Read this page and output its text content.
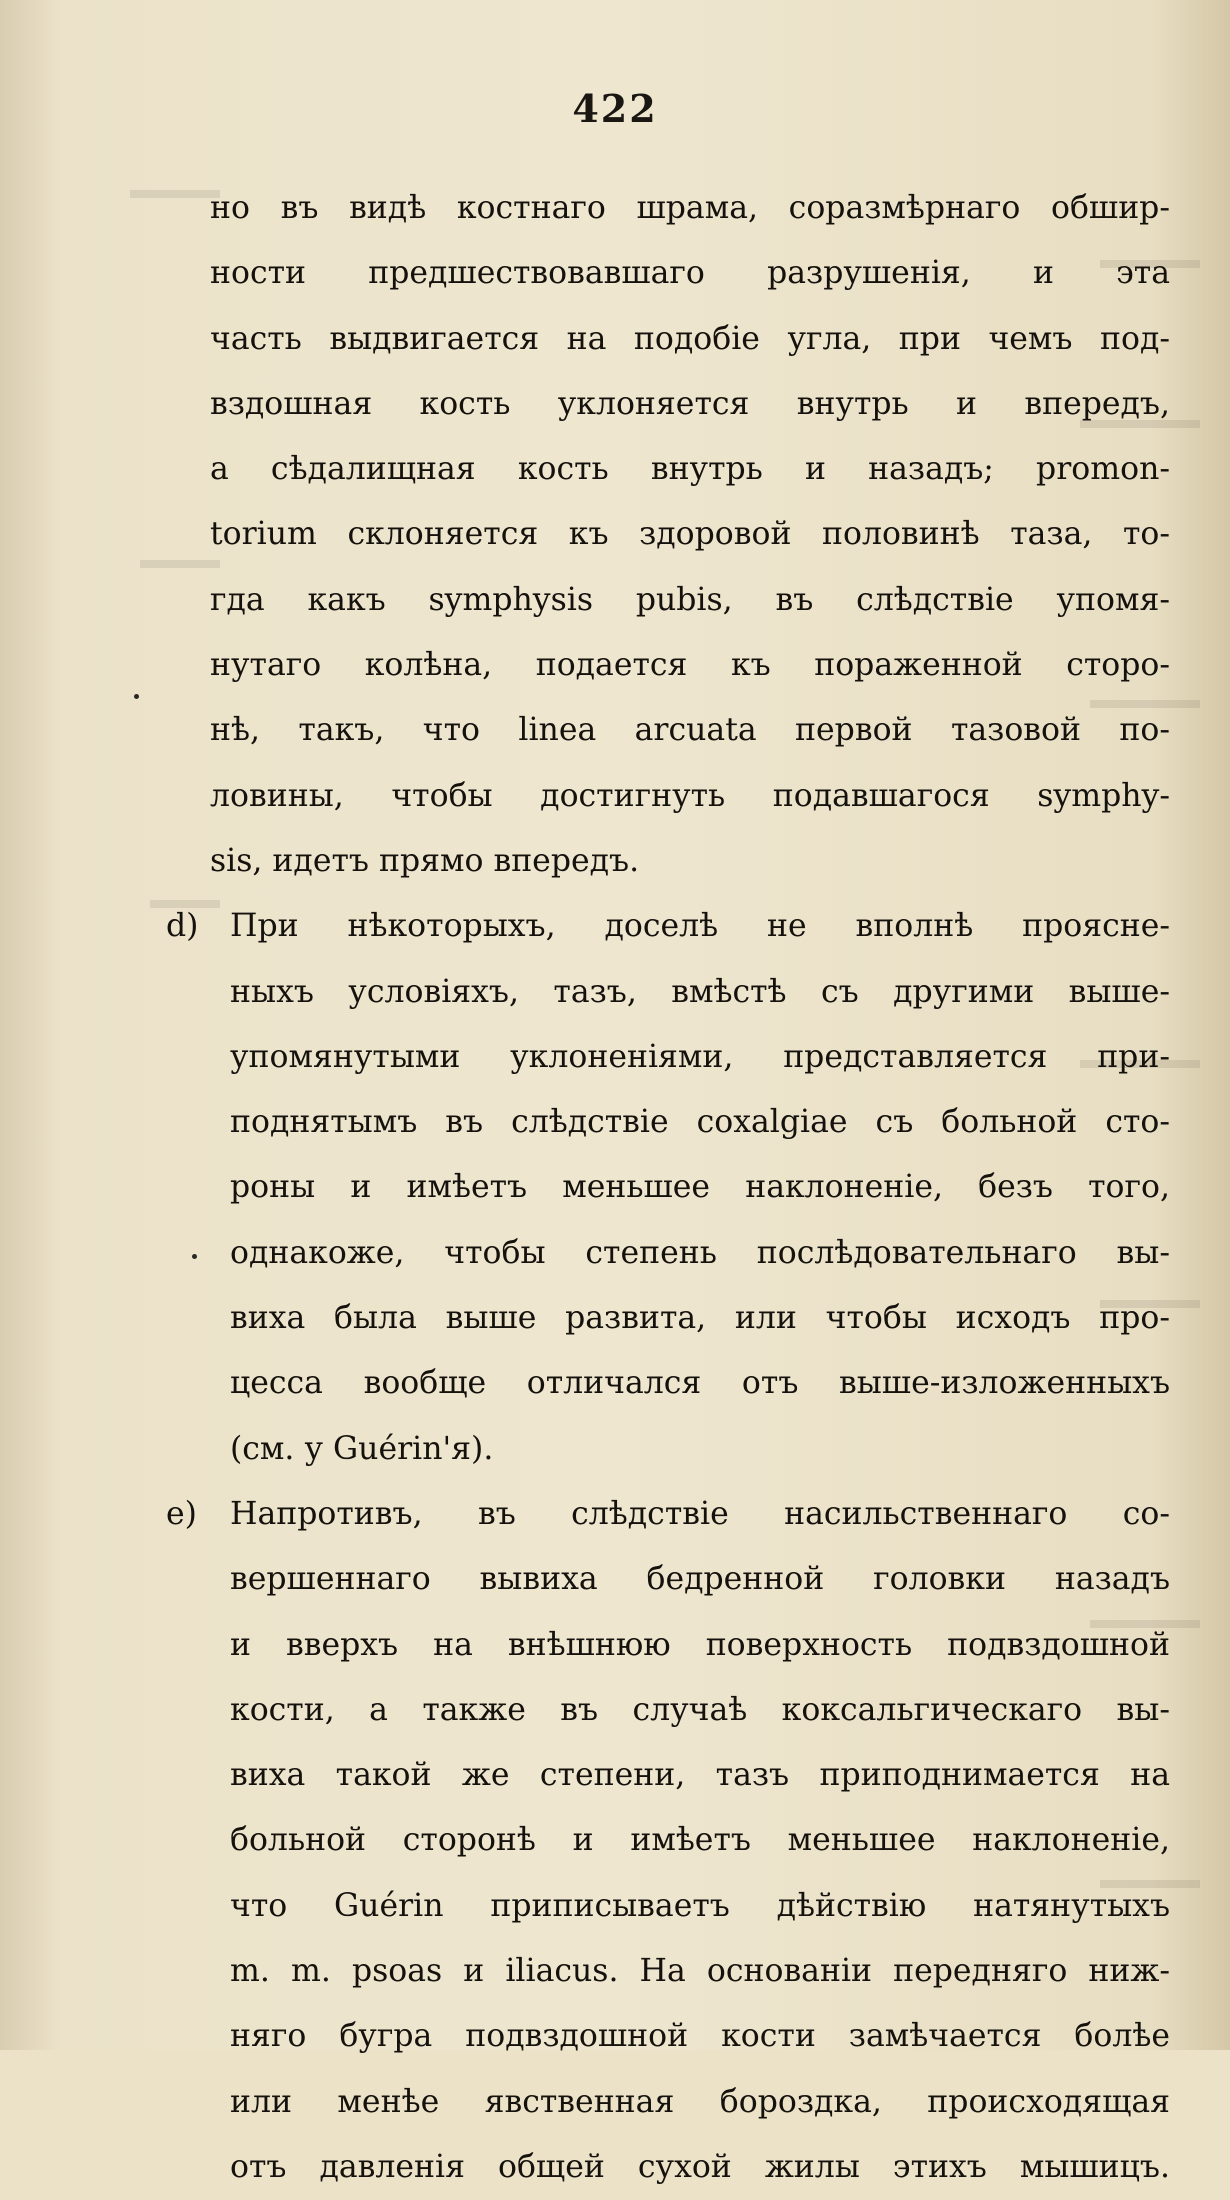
422
но въ видѣ костнаго шрама, соразмѣрнаго обшир-
ности предшествовавшаго разрушенія, и эта
часть выдвигается на подобіе угла, при чемъ под-
вздошная кость уклоняется внутрь и впередъ,
а сѣдалищная кость внутрь и назадъ; promon-
torium склоняется къ здоровой половинѣ таза, то-
гда какъ symphysis pubis, въ слѣдствіе упомя-
нутаго колѣна, подается къ пораженной сторо-
нѣ, такъ, что linea arcuata первой тазовой по-
ловины, чтобы достигнуть подавшагося symphy-
sis, идетъ прямо впередъ.
d) При нѣкоторыхъ, доселѣ не вполнѣ проясне-
ныхъ условіяхъ, тазъ, вмѣстѣ съ другими выше-
упомянутыми уклоненіями, представляется при-
поднятымъ въ слѣдствіе coxalgiae съ больной сто-
роны и имѣетъ меньшее наклоненіе, безъ того,
однакоже, чтобы степень послѣдовательнаго вы-
виха была выше развита, или чтобы исходъ про-
цесса вообще отличался отъ выше-изложенныхъ
(см. у Guérin'я).
e) Напротивъ, въ слѣдствіе насильственнаго со-
вершеннаго вывиха бедренной головки назадъ
и вверхъ на внѣшнюю поверхность подвздошной
кости, а также въ случаѣ коксальгическаго вы-
виха такой же степени, тазъ приподнимается на
больной сторонѣ и имѣетъ меньшее наклоненіе,
что Guérin приписываетъ дѣйствію натянутыхъ
m. m. psoas и iliacus. На основаніи передняго ниж-
няго бугра подвздошной кости замѣчается болѣе
или менѣе явственная бороздка, происходящая
отъ давленія общей сухой жилы этихъ мышицъ.
